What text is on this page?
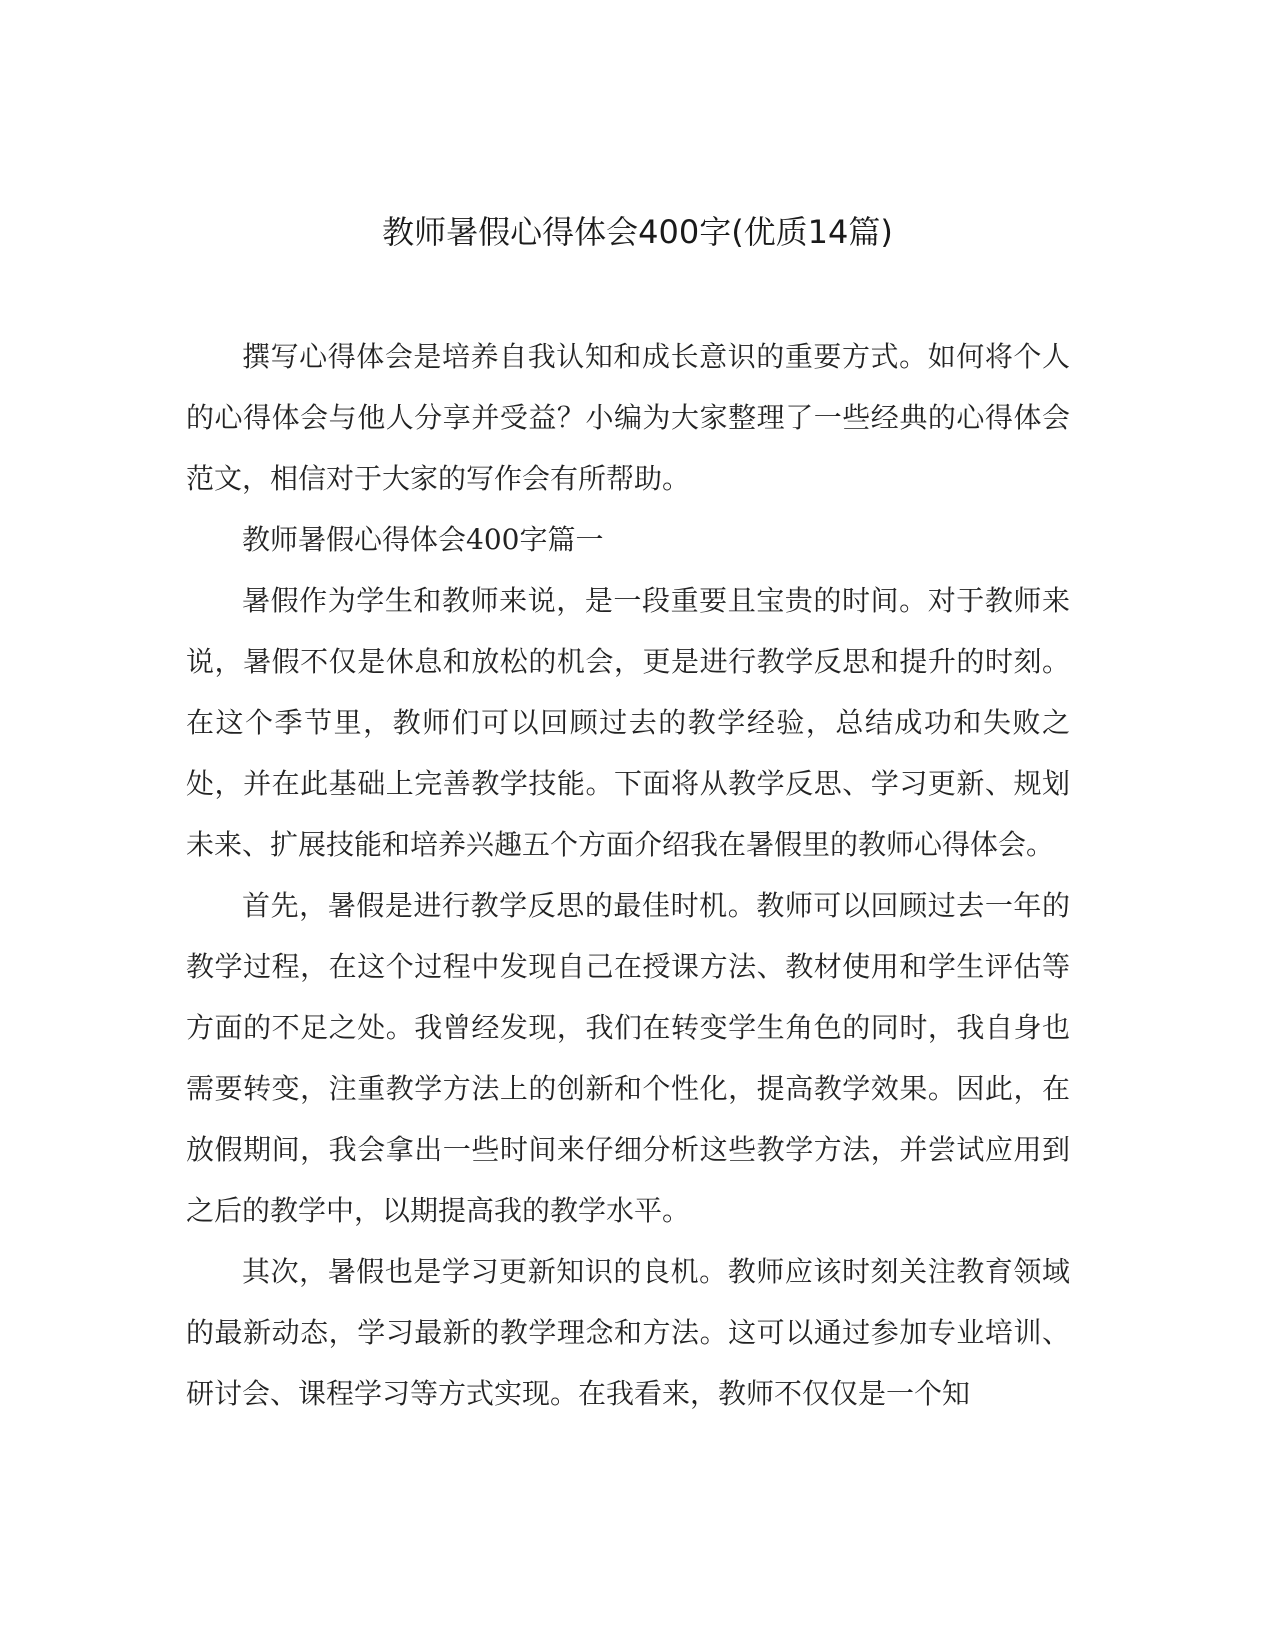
教师暑假心得体会400字(优质14篇)

撰写心得体会是培养自我认知和成长意识的重要方式。如何将个人的心得体会与他人分享并受益？小编为大家整理了一些经典的心得体会范文，相信对于大家的写作会有所帮助。

教师暑假心得体会400字篇一

暑假作为学生和教师来说，是一段重要且宝贵的时间。对于教师来说，暑假不仅是休息和放松的机会，更是进行教学反思和提升的时刻。在这个季节里，教师们可以回顾过去的教学经验，总结成功和失败之处，并在此基础上完善教学技能。下面将从教学反思、学习更新、规划未来、扩展技能和培养兴趣五个方面介绍我在暑假里的教师心得体会。

首先，暑假是进行教学反思的最佳时机。教师可以回顾过去一年的教学过程，在这个过程中发现自己在授课方法、教材使用和学生评估等方面的不足之处。我曾经发现，我们在转变学生角色的同时，我自身也需要转变，注重教学方法上的创新和个性化，提高教学效果。因此，在放假期间，我会拿出一些时间来仔细分析这些教学方法，并尝试应用到之后的教学中，以期提高我的教学水平。

其次，暑假也是学习更新知识的良机。教师应该时刻关注教育领域的最新动态，学习最新的教学理念和方法。这可以通过参加专业培训、研讨会、课程学习等方式实现。在我看来，教师不仅仅是一个知
